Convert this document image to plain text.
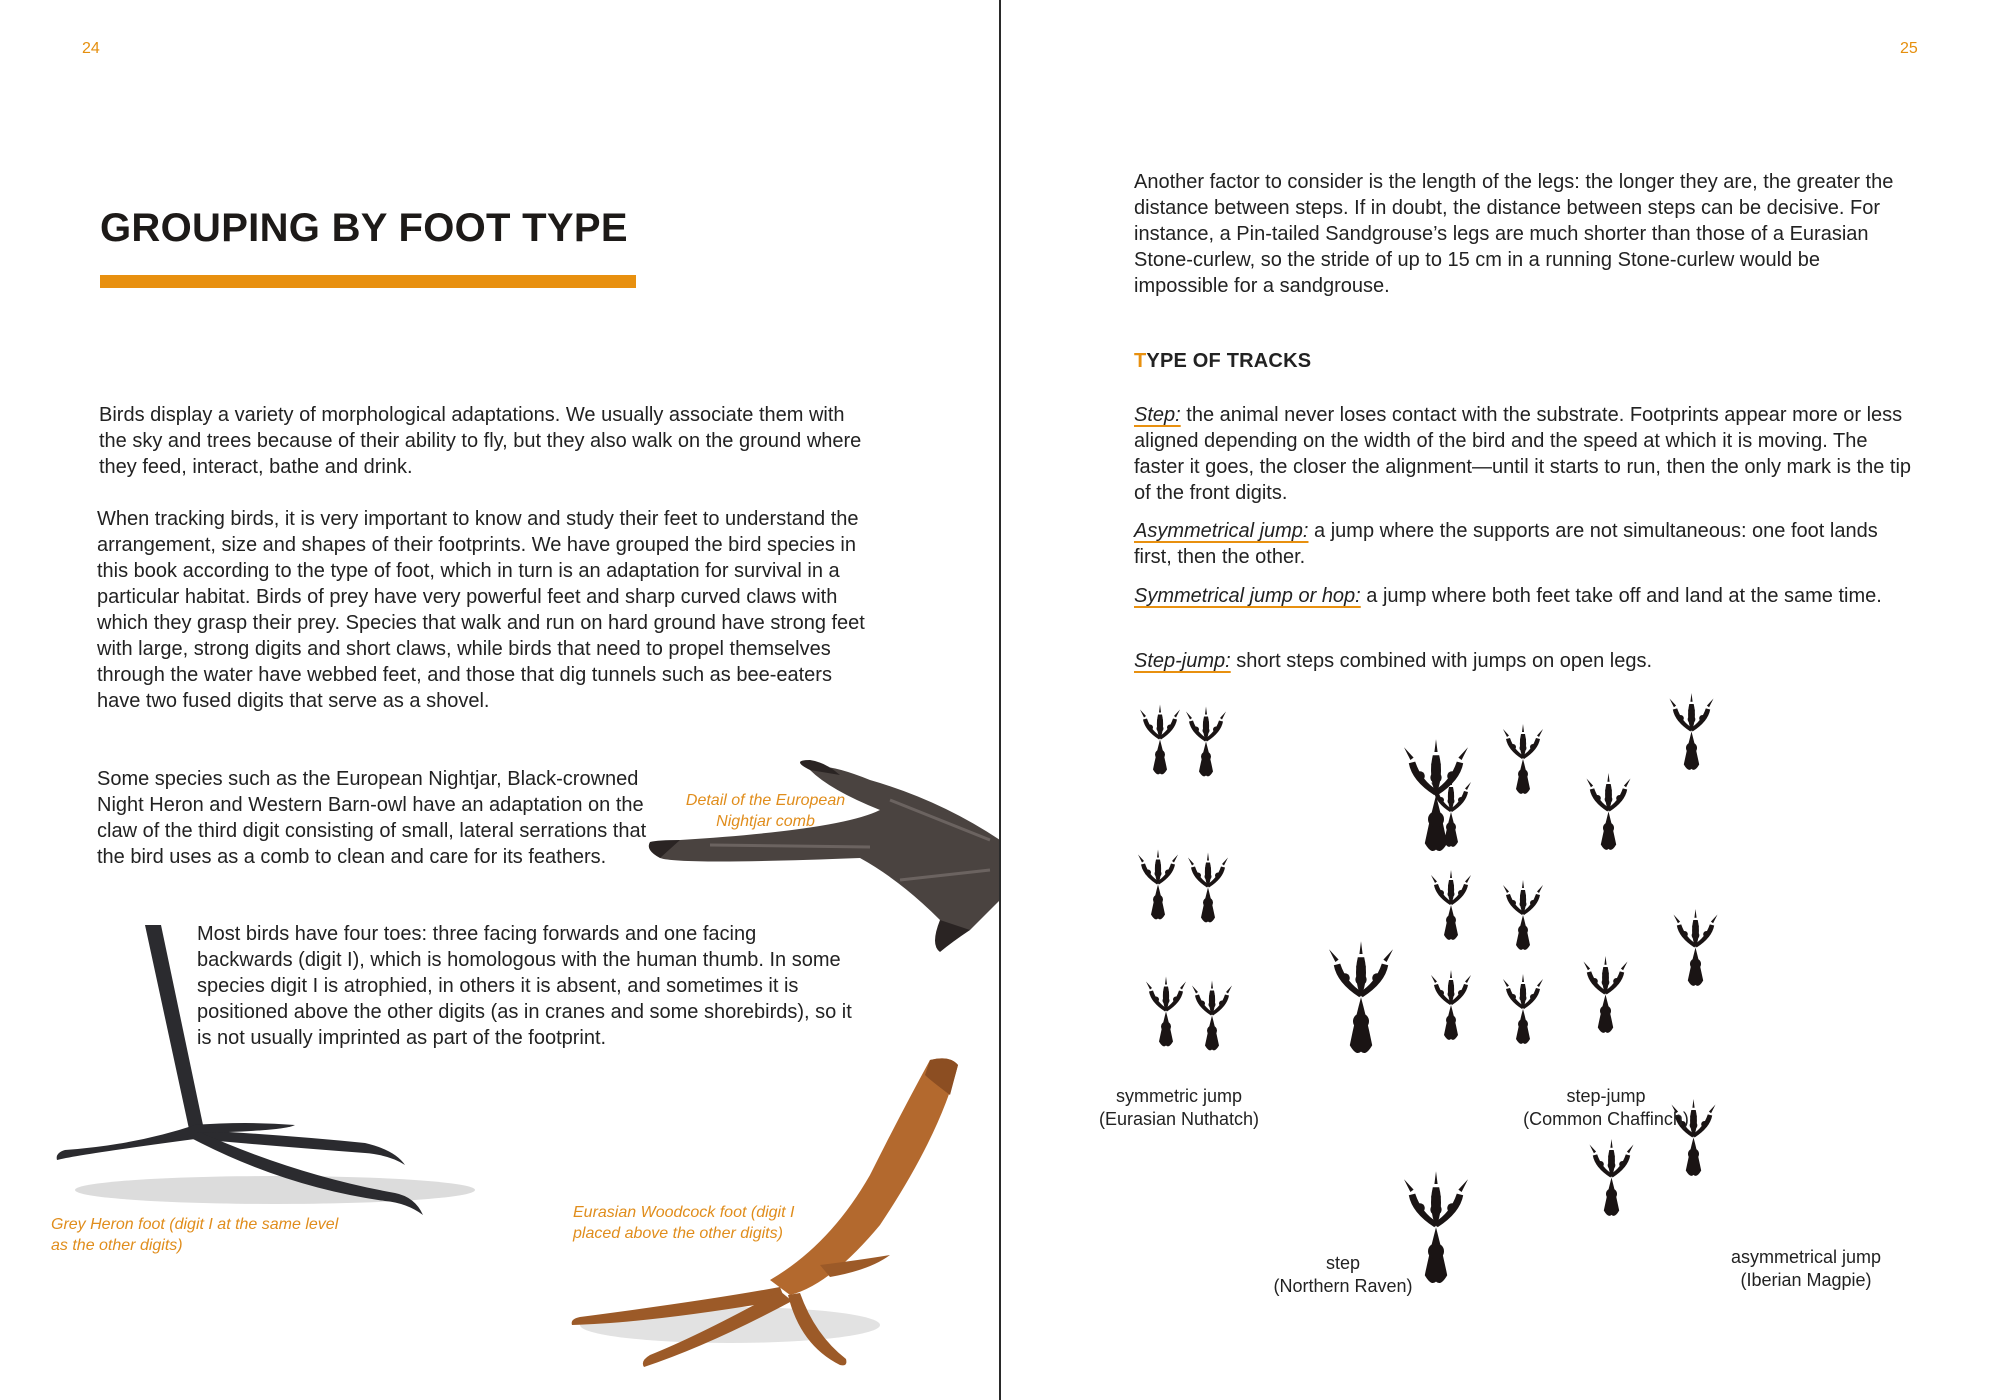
24
GROUPING BY FOOT TYPE

Birds display a variety of morphological adaptations. We usually associate them with the sky and trees because of their ability to fly, but they also walk on the ground where they feed, interact, bathe and drink.

When tracking birds, it is very important to know and study their feet to understand the arrangement, size and shapes of their footprints. We have grouped the bird species in this book according to the type of foot, which in turn is an adaptation for survival in a particular habitat. Birds of prey have very powerful feet and sharp curved claws with which they grasp their prey. Species that walk and run on hard ground have strong feet with large, strong digits and short claws, while birds that need to propel themselves through the water have webbed feet, and those that dig tunnels such as bee-eaters have two fused digits that serve as a shovel.

Some species such as the European Nightjar, Black-crowned Night Heron and Western Barn-owl have an adaptation on the claw of the third digit consisting of small, lateral serrations that the bird uses as a comb to clean and care for its feathers.

Most birds have four toes: three facing forwards and one facing backwards (digit I), which is homologous with the human thumb. In some species digit I is atrophied, in others it is absent, and sometimes it is positioned above the other digits (as in cranes and some shorebirds), so it is not usually imprinted as part of the footprint.

Detail of the European Nightjar comb

Grey Heron foot (digit I at the same level as the other digits)

Eurasian Woodcock foot (digit I placed above the other digits)

25

Another factor to consider is the length of the legs: the longer they are, the greater the distance between steps. If in doubt, the distance between steps can be decisive. For instance, a Pin-tailed Sandgrouse’s legs are much shorter than those of a Eurasian Stone-curlew, so the stride of up to 15 cm in a running Stone-curlew would be impossible for a sandgrouse.

TYPE OF TRACKS

Step: the animal never loses contact with the substrate. Footprints appear more or less aligned depending on the width of the bird and the speed at which it is moving. The faster it goes, the closer the alignment—until it starts to run, then the only mark is the tip of the front digits.

Asymmetrical jump: a jump where the supports are not simultaneous: one foot lands first, then the other.

Symmetrical jump or hop: a jump where both feet take off and land at the same time.

Step-jump: short steps combined with jumps on open legs.

symmetric jump
(Eurasian Nuthatch)
step-jump
(Common Chaffinch)
step
(Northern Raven)
asymmetrical jump
(Iberian Magpie)
